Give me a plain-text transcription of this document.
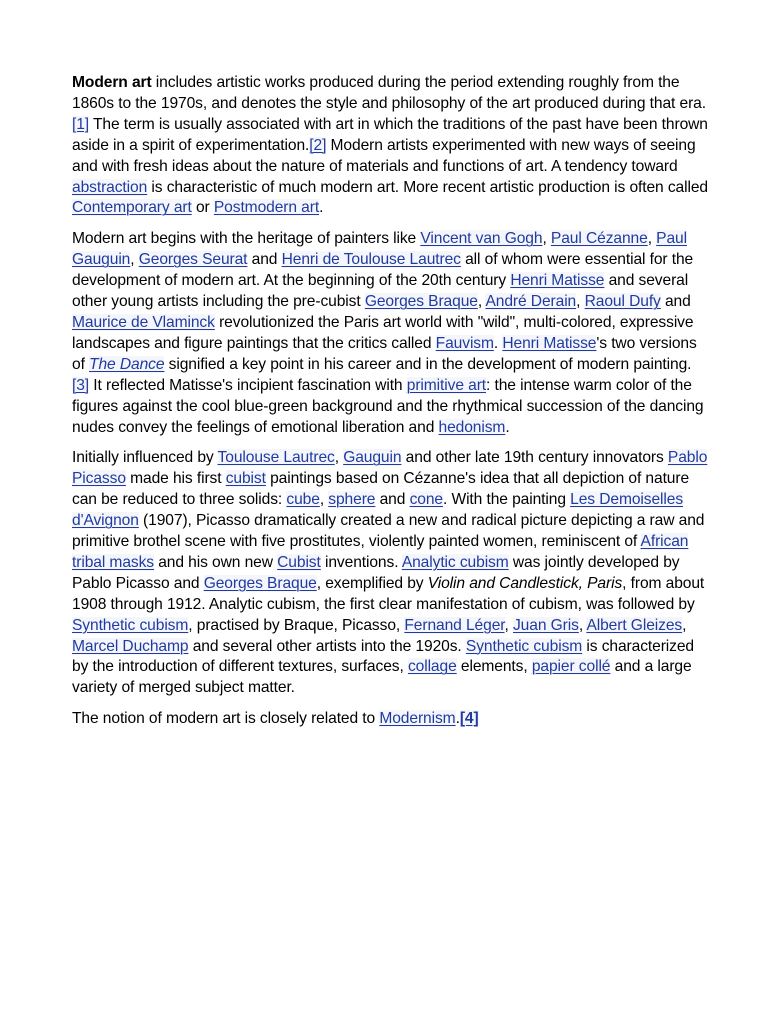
Modern art includes artistic works produced during the period extending roughly from the 1860s to the 1970s, and denotes the style and philosophy of the art produced during that era.[1] The term is usually associated with art in which the traditions of the past have been thrown aside in a spirit of experimentation.[2] Modern artists experimented with new ways of seeing and with fresh ideas about the nature of materials and functions of art. A tendency toward abstraction is characteristic of much modern art. More recent artistic production is often called Contemporary art or Postmodern art.

Modern art begins with the heritage of painters like Vincent van Gogh, Paul Cézanne, Paul Gauguin, Georges Seurat and Henri de Toulouse Lautrec all of whom were essential for the development of modern art. At the beginning of the 20th century Henri Matisse and several other young artists including the pre-cubist Georges Braque, André Derain, Raoul Dufy and Maurice de Vlaminck revolutionized the Paris art world with "wild", multi-colored, expressive landscapes and figure paintings that the critics called Fauvism. Henri Matisse's two versions of The Dance signified a key point in his career and in the development of modern painting.[3] It reflected Matisse's incipient fascination with primitive art: the intense warm color of the figures against the cool blue-green background and the rhythmical succession of the dancing nudes convey the feelings of emotional liberation and hedonism.

Initially influenced by Toulouse Lautrec, Gauguin and other late 19th century innovators Pablo Picasso made his first cubist paintings based on Cézanne's idea that all depiction of nature can be reduced to three solids: cube, sphere and cone. With the painting Les Demoiselles d'Avignon (1907), Picasso dramatically created a new and radical picture depicting a raw and primitive brothel scene with five prostitutes, violently painted women, reminiscent of African tribal masks and his own new Cubist inventions. Analytic cubism was jointly developed by Pablo Picasso and Georges Braque, exemplified by Violin and Candlestick, Paris, from about 1908 through 1912. Analytic cubism, the first clear manifestation of cubism, was followed by Synthetic cubism, practised by Braque, Picasso, Fernand Léger, Juan Gris, Albert Gleizes, Marcel Duchamp and several other artists into the 1920s. Synthetic cubism is characterized by the introduction of different textures, surfaces, collage elements, papier collé and a large variety of merged subject matter.

The notion of modern art is closely related to Modernism.[4]
